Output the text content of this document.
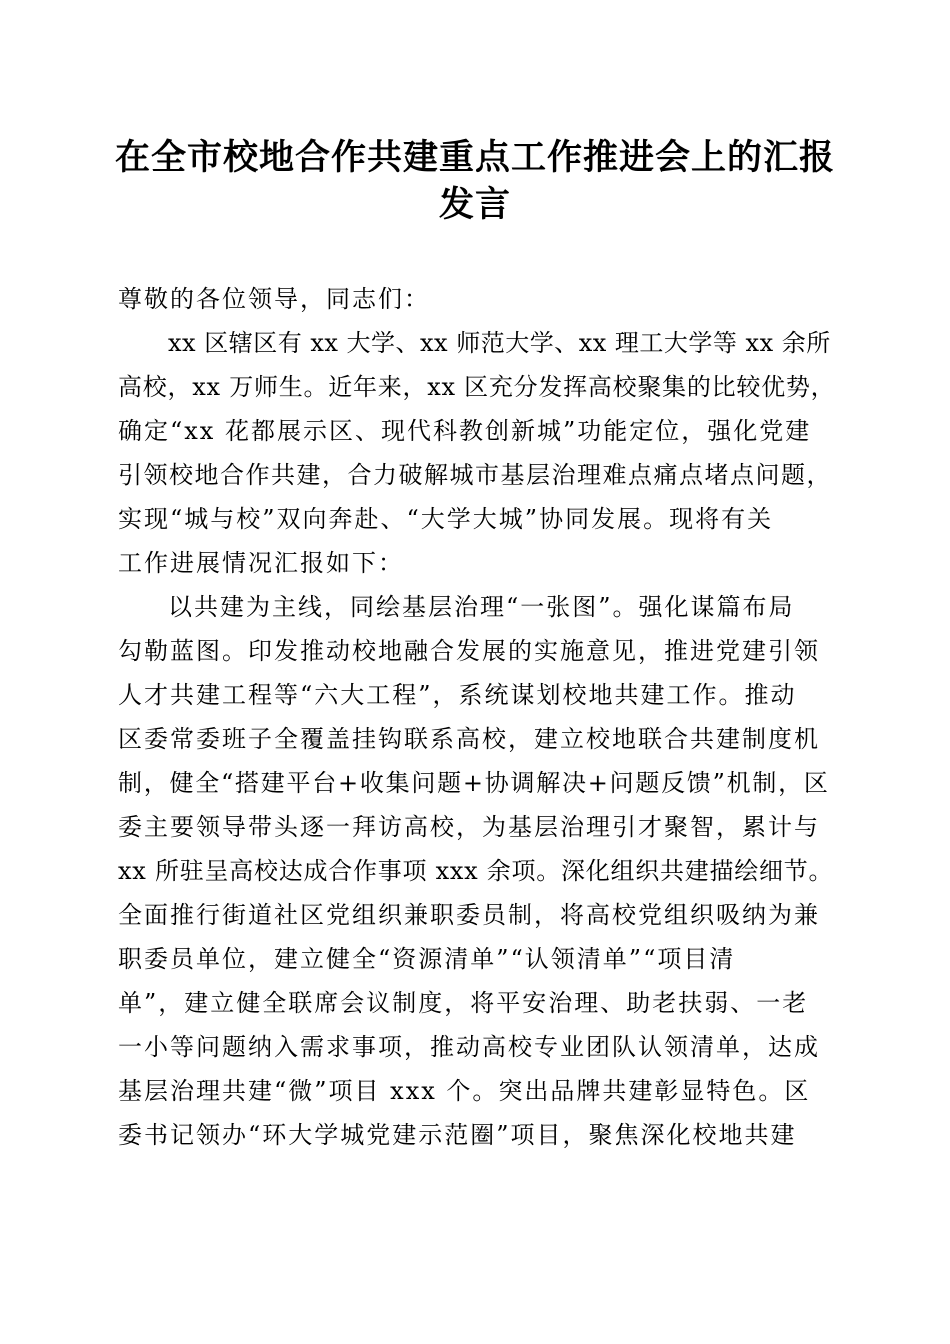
在全市校地合作共建重点工作推进会上的汇报
发言
尊敬的各位领导，同志们：
xx 区辖区有 xx 大学、xx 师范大学、xx 理工大学等 xx 余所
高校，xx 万师生。近年来，xx 区充分发挥高校聚集的比较优势，
确定“xx 花都展示区、现代科教创新城”功能定位，强化党建
引领校地合作共建，合力破解城市基层治理难点痛点堵点问题，
实现“城与校”双向奔赴、“大学大城”协同发展。现将有关
工作进展情况汇报如下：
以共建为主线，同绘基层治理“一张图”。强化谋篇布局
勾勒蓝图。印发推动校地融合发展的实施意见，推进党建引领
人才共建工程等“六大工程”，系统谋划校地共建工作。推动
区委常委班子全覆盖挂钩联系高校，建立校地联合共建制度机
制，健全“搭建平台+收集问题+协调解决+问题反馈”机制，区
委主要领导带头逐一拜访高校，为基层治理引才聚智，累计与
xx 所驻呈高校达成合作事项 xxx 余项。深化组织共建描绘细节。
全面推行街道社区党组织兼职委员制，将高校党组织吸纳为兼
职委员单位，建立健全“资源清单”“认领清单”“项目清
单”，建立健全联席会议制度，将平安治理、助老扶弱、一老
一小等问题纳入需求事项，推动高校专业团队认领清单，达成
基层治理共建“微”项目 xxx 个。突出品牌共建彰显特色。区
委书记领办“环大学城党建示范圈”项目，聚焦深化校地共建
